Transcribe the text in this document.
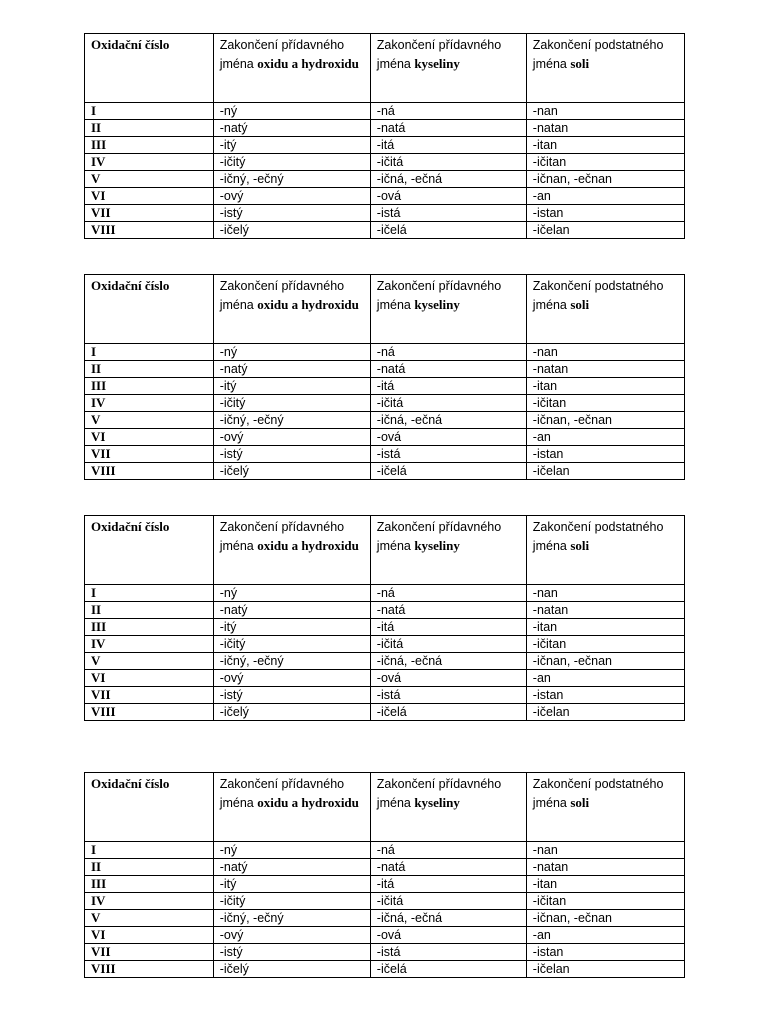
Oxidační číslo	Zakončení přídavného jména oxidu a hydroxidu	Zakončení přídavného jména kyseliny	Zakončení podstatného jména soli
I	-ný	-ná	-nan
II	-natý	-natá	-natan
III	-itý	-itá	-itan
IV	-ičitý	-ičitá	-ičitan
V	-ičný, -ečný	-ičná, -ečná	-ičnan, -ečnan
VI	-ový	-ová	-an
VII	-istý	-istá	-istan
VIII	-ičelý	-ičelá	-ičelan
Oxidační číslo	Zakončení přídavného jména oxidu a hydroxidu	Zakončení přídavného jména kyseliny	Zakončení podstatného jména soli
I	-ný	-ná	-nan
II	-natý	-natá	-natan
III	-itý	-itá	-itan
IV	-ičitý	-ičitá	-ičitan
V	-ičný, -ečný	-ičná, -ečná	-ičnan, -ečnan
VI	-ový	-ová	-an
VII	-istý	-istá	-istan
VIII	-ičelý	-ičelá	-ičelan
Oxidační číslo	Zakončení přídavného jména oxidu a hydroxidu	Zakončení přídavného jména kyseliny	Zakončení podstatného jména soli
I	-ný	-ná	-nan
II	-natý	-natá	-natan
III	-itý	-itá	-itan
IV	-ičitý	-ičitá	-ičitan
V	-ičný, -ečný	-ičná, -ečná	-ičnan, -ečnan
VI	-ový	-ová	-an
VII	-istý	-istá	-istan
VIII	-ičelý	-ičelá	-ičelan
Oxidační číslo	Zakončení přídavného jména oxidu a hydroxidu	Zakončení přídavného jména kyseliny	Zakončení podstatného jména soli
I	-ný	-ná	-nan
II	-natý	-natá	-natan
III	-itý	-itá	-itan
IV	-ičitý	-ičitá	-ičitan
V	-ičný, -ečný	-ičná, -ečná	-ičnan, -ečnan
VI	-ový	-ová	-an
VII	-istý	-istá	-istan
VIII	-ičelý	-ičelá	-ičelan
